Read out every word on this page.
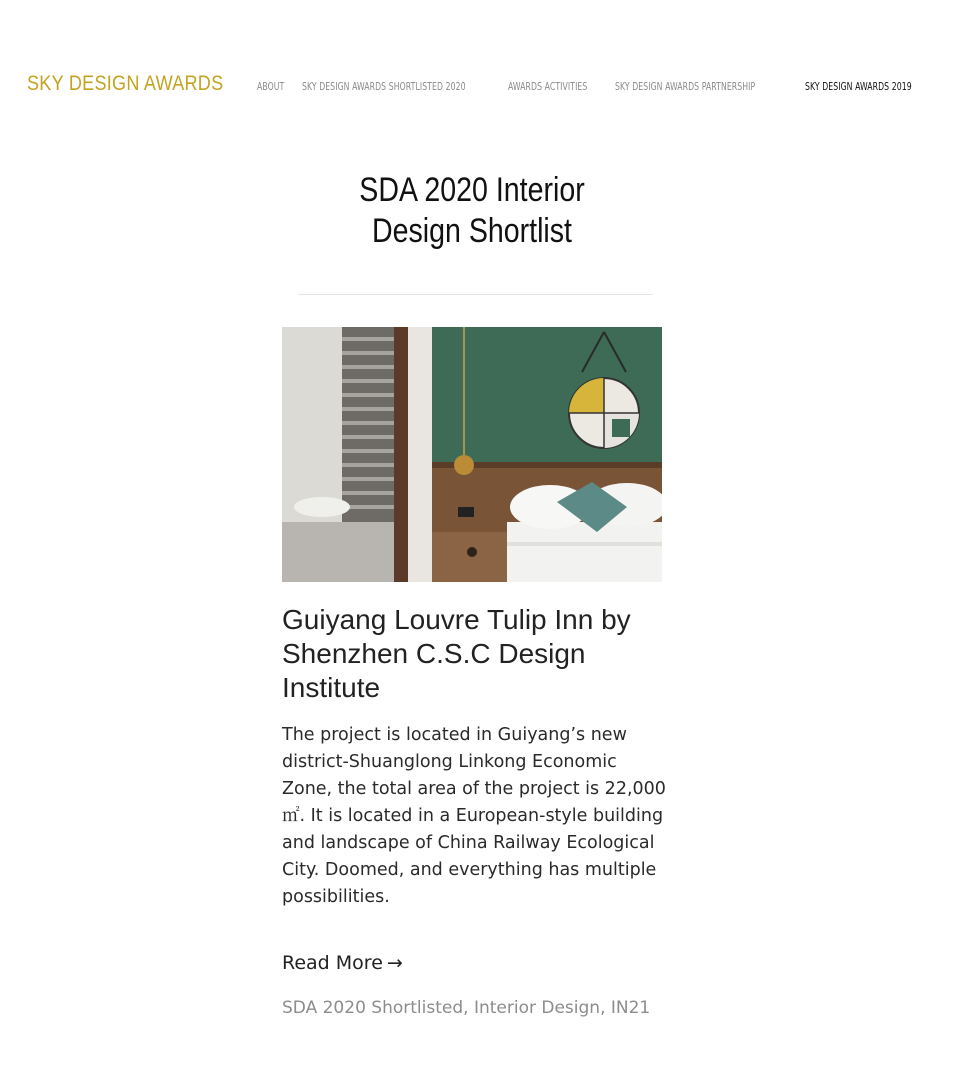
SKY DESIGN AWARDS	ABOUT SKY DESIGN AWARDS SHORTLISTED 2020	AWARDS ACTIVITIES	SKY DESIGN AWARDS PARTNERSHIP	SKY DESIGN AWARDS 2019
SDA 2020 Interior Design Shortlist
Guiyang Louvre Tulip Inn by Shenzhen C.S.C Design Institute

The project is located in Guiyang’s new district-Shuanglong Linkong Economic Zone, the total area of the project is 22,000 ㎡. It is located in a European-style building and landscape of China Railway Ecological City. Doomed, and everything has multiple possibilities.

Read More →
SDA 2020 Shortlisted, Interior Design, IN21
